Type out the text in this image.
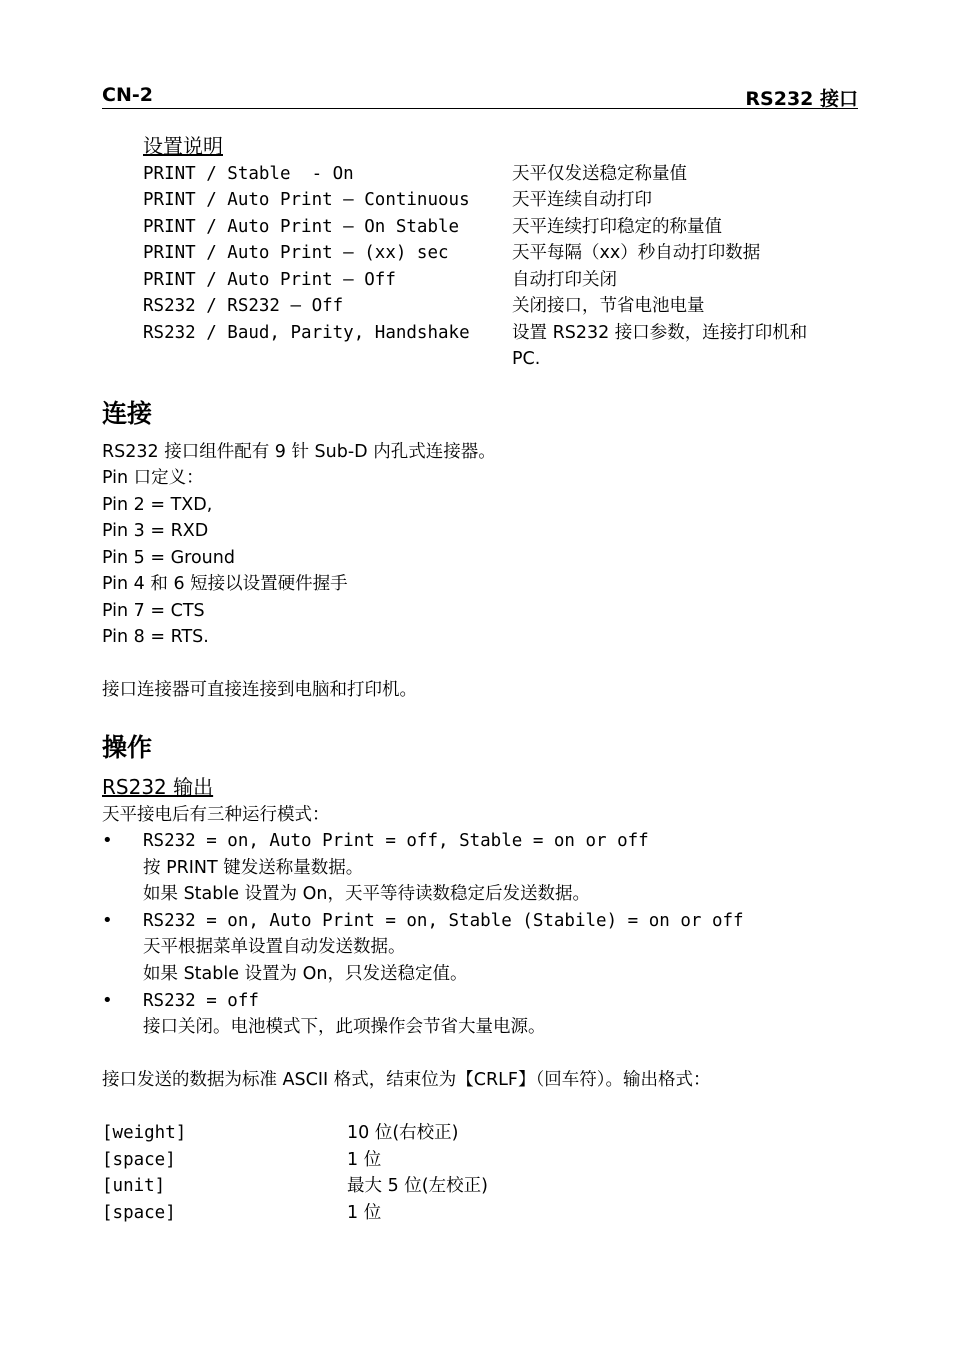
CN-2	RS232 接口
设置说明
PRINT / Stable  - On	天平仅发送稳定称量值
PRINT / Auto Print – Continuous 天平连续自动打印
PRINT / Auto Print – On Stable	天平连续打印稳定的称量值
PRINT / Auto Print – (xx) sec	天平每隔（xx）秒自动打印数据
PRINT / Auto Print – Off	自动打印关闭
RS232 / RS232 – Off	关闭接口，节省电池电量
RS232 / Baud, Parity, Handshake 设置 RS232 接口参数，连接打印机和
PC.
连接
RS232 接口组件配有 9 针 Sub-D 内孔式连接器。
Pin 口定义：
Pin 2 = TXD,
Pin 3 = RXD
Pin 5 = Ground
Pin 4 和 6 短接以设置硬件握手
Pin 7 = CTS
Pin 8 = RTS.
接口连接器可直接连接到电脑和打印机。
操作
RS232 输出
天平接电后有三种运行模式：
• RS232 = on, Auto Print = off, Stable = on or off
按 PRINT 键发送称量数据。
如果 Stable 设置为 On，天平等待读数稳定后发送数据。
• RS232 = on, Auto Print = on, Stable (Stabile) = on or off
天平根据菜单设置自动发送数据。
如果 Stable 设置为 On，只发送稳定值。
• RS232 = off
接口关闭。电池模式下，此项操作会节省大量电源。
接口发送的数据为标准 ASCII 格式，结束位为【CRLF】（回车符）。输出格式：
[weight]	10 位(右校正)
[space]	1 位
[unit]	最大 5 位(左校正)
[space]	1 位
